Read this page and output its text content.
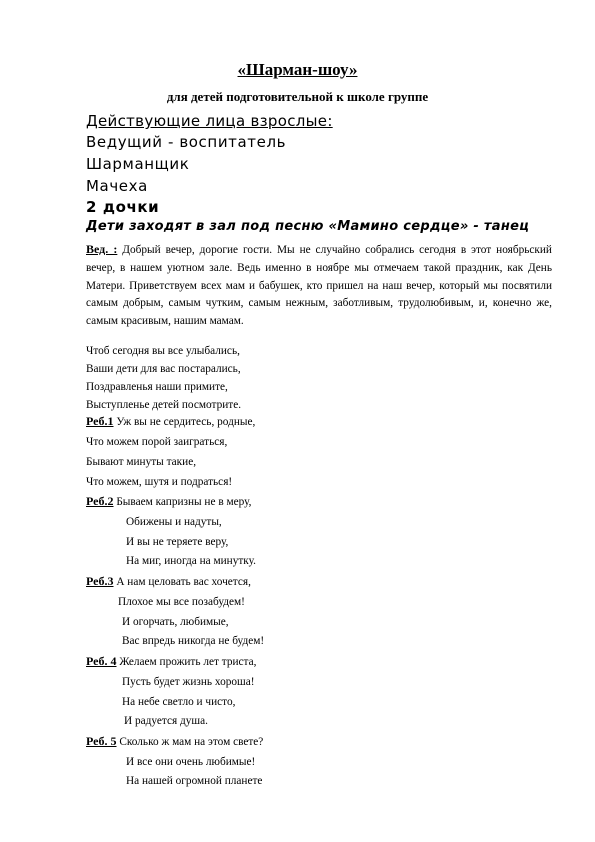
«Шарман-шоу»
для детей подготовительной к школе группе
Действующие лица взрослые:
Ведущий - воспитатель
Шарманщик
Мачеха
2 дочки
Дети заходят в зал под песню «Мамино сердце» - танец
Вед. : Добрый вечер, дорогие гости. Мы не случайно собрались сегодня в этот ноябрьский вечер, в нашем уютном зале. Ведь именно в ноябре мы отмечаем такой праздник, как День Матери. Приветствуем всех мам и бабушек, кто пришел на наш вечер, который мы посвятили самым добрым, самым чутким, самым нежным, заботливым, трудолюбивым, и, конечно же, самым красивым, нашим мамам.
Чтоб сегодня вы все улыбались,
Ваши дети для вас постарались,
Поздравленья наши примите,
Выступленье детей посмотрите.
Реб.1 Уж вы не сердитесь, родные,
Что можем порой заиграться,
Бывают минуты такие,
Что можем, шутя и подраться!
Реб.2 Бываем капризны не в меру,
Обижены и надуты,
И вы не теряете веру,
На миг, иногда на минутку.
Реб.3 А нам целовать вас хочется,
Плохое мы все позабудем!
И огорчать, любимые,
Вас впредь никогда не будем!
Реб. 4 Желаем прожить лет триста,
Пусть будет жизнь хороша!
На небе светло и чисто,
И радуется душа.
Реб. 5 Сколько ж мам на этом свете?
И все они очень любимые!
На нашей огромной планете
